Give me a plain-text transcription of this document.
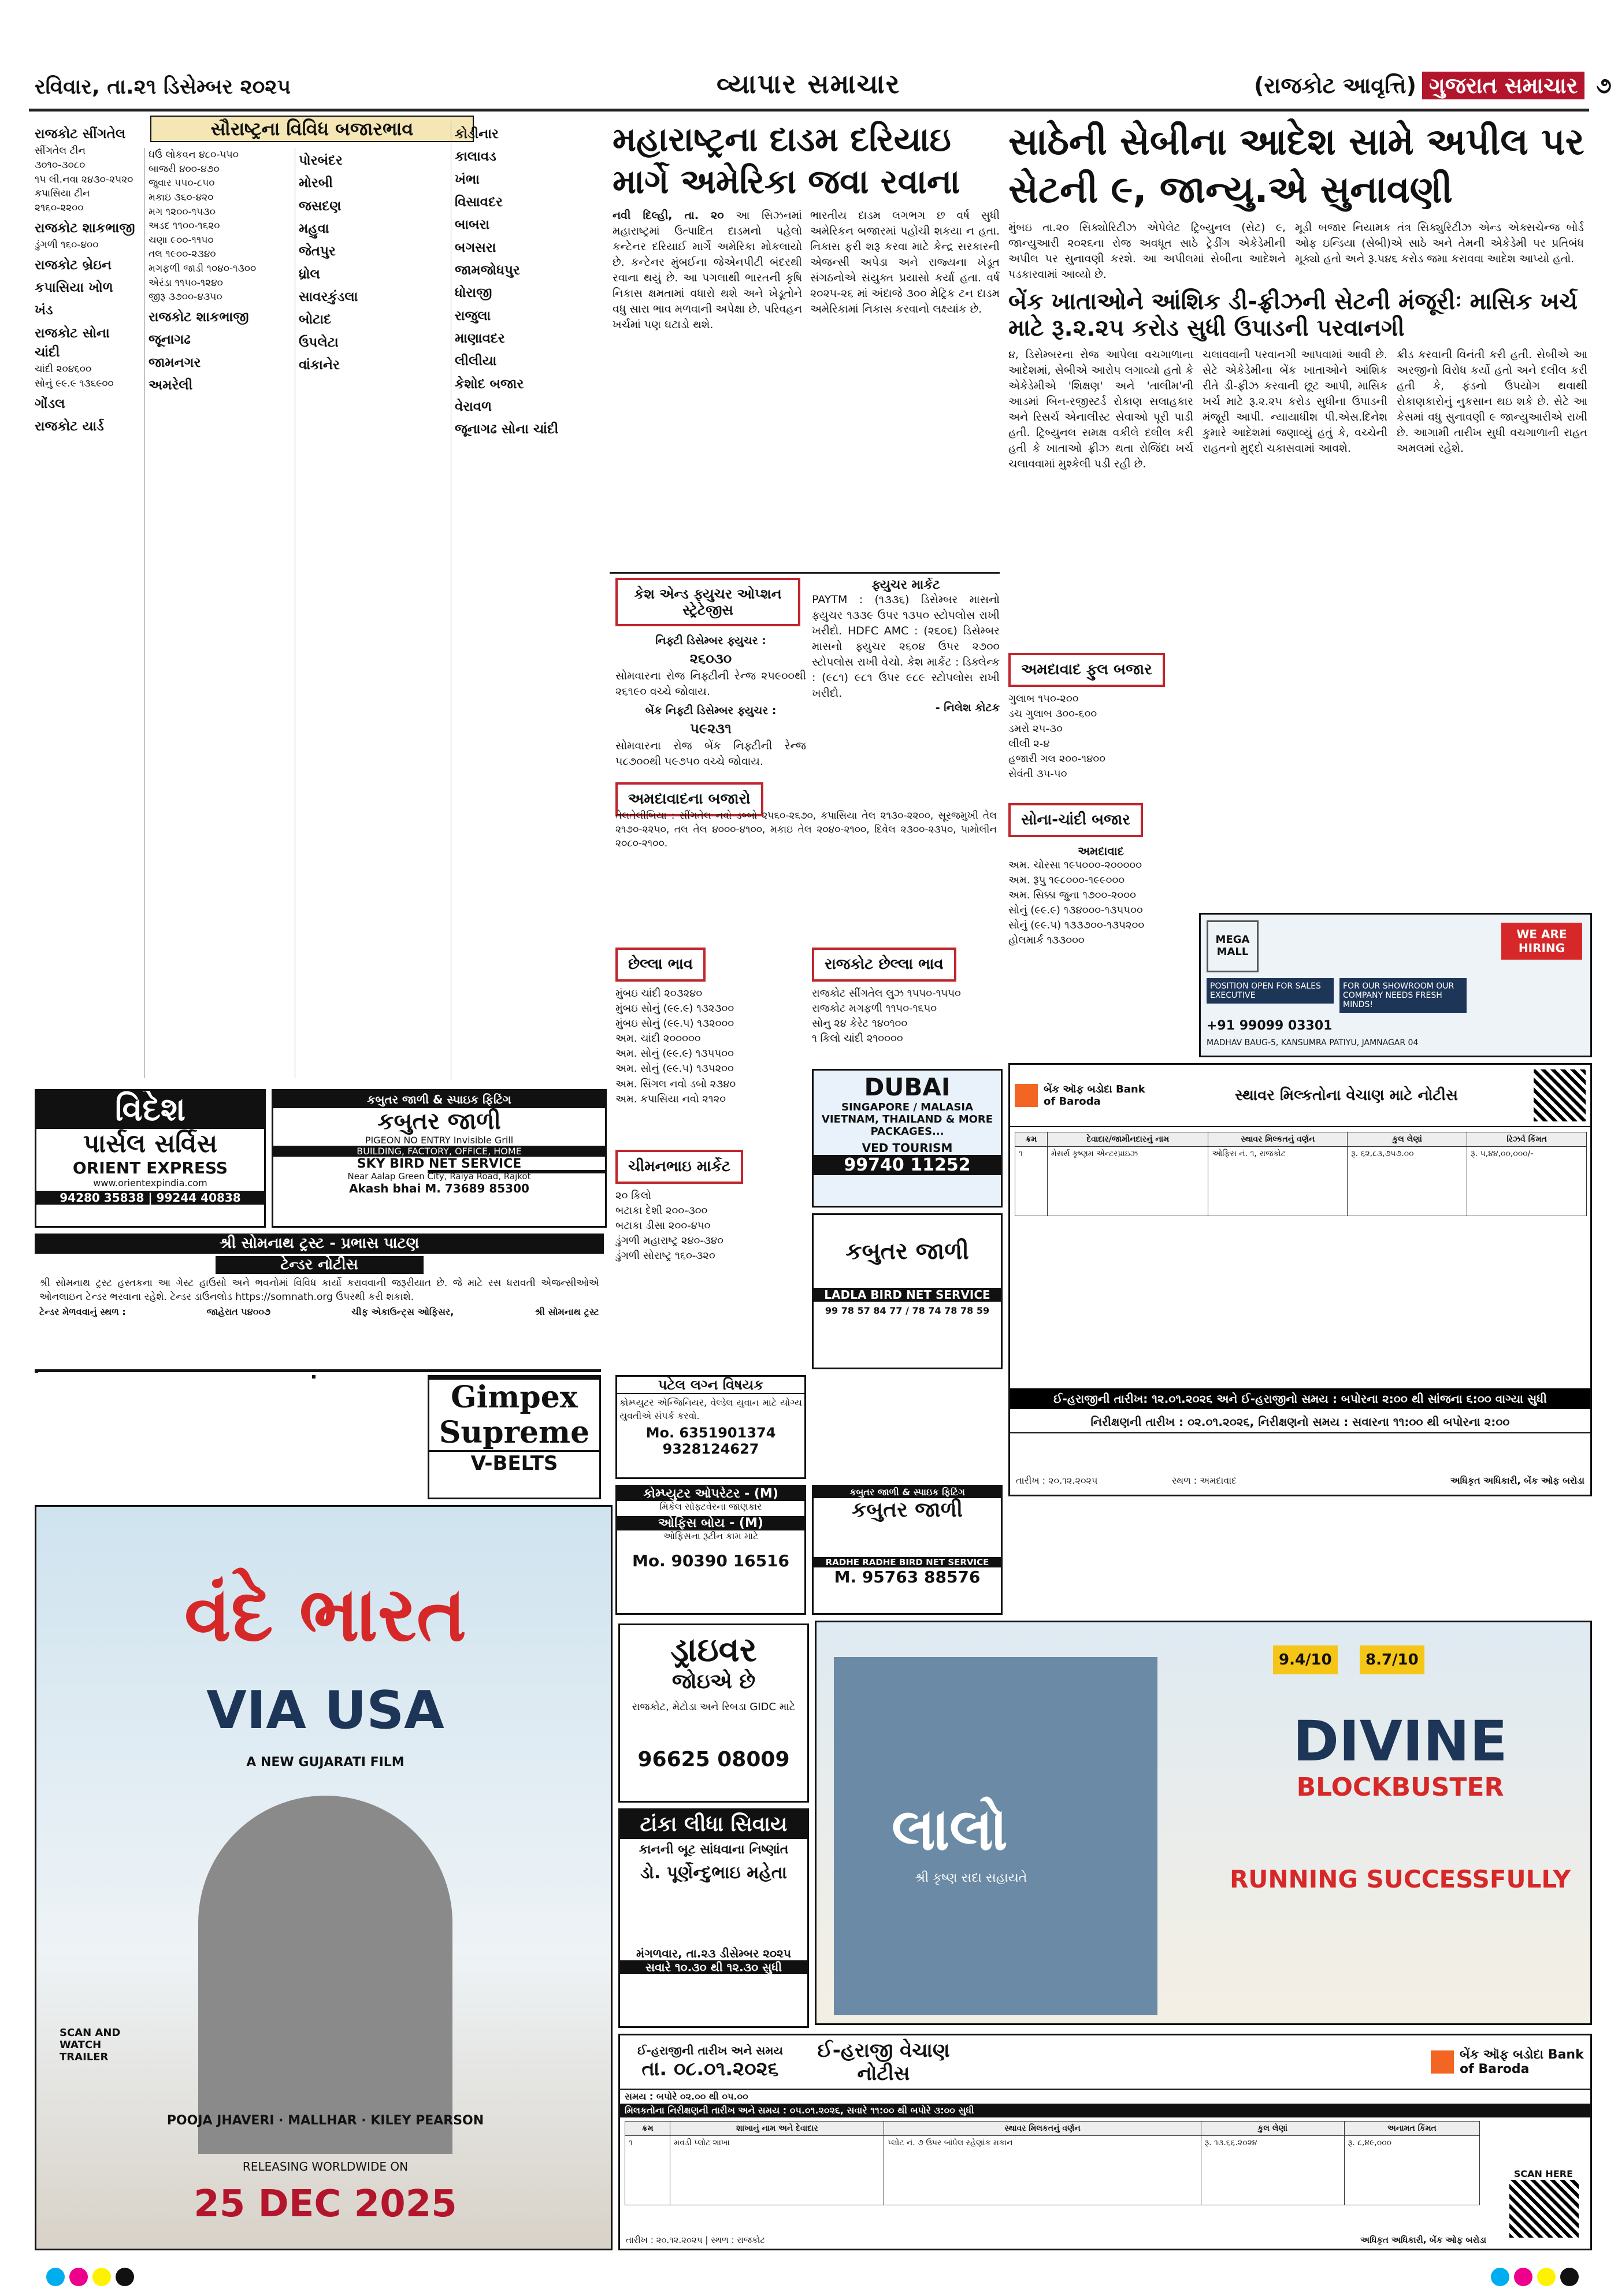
રવિવાર, તા.૨૧ ડિસેમ્બર ૨૦૨૫	વ્યાપાર સમાચાર	(રાજકોટ આવૃત્તિ) ગુજરાત સમાચાર ૭
સૌરાષ્ટ્રના વિવિધ બજારભાવ
રાજકોટ સીંગતેલ
સીંગતેલ ટીન ૩૦૧૦-૩૦૮૦
૧૫ લી.નવા ૨૪૩૦-૨૫૨૦
કપાસિયા ટીન ૨૧૬૦-૨૨૦૦
રાજકોટ શાકભાજી
ડુંગળી ૧૬૦-૪૦૦
રાજકોટ બ્રેઇન
કપાસિયા ખોળ
ખંડ
રાજકોટ સોના ચાંદી
ચાંદી ૨૦૪૬૦૦
સોનું ૯૯.૯ ૧૩૬૯૦૦
ગોંડલ
રાજકોટ યાર્ડ
ઘઉં લોકવન ૪૮૦-૫૫૦
બાજરી ૪૦૦-૪૭૦
જુવાર ૫૫૦-૮૫૦
મકાઇ ૩૬૦-૪૨૦
મગ ૧૨૦૦-૧૫૩૦
અડદ ૧૧૦૦-૧૬૨૦
ચણા ૯૦૦-૧૧૫૦
તલ ૧૯૦૦-૨૩૪૦
મગફળી જાડી ૧૦૪૦-૧૩૦૦
એરંડા ૧૧૫૦-૧૨૪૦
જીરૂ ૩૭૦૦-૪૩૫૦
રાજકોટ શાકભાજી
જૂનાગઢ
જામનગર
અમરેલી
પોરબંદર
મોરબી
જસદણ
મહુવા
જેતપુર
ધ્રોલ
સાવરકુંડલા
બોટાદ
ઉપલેટા
વાંકાનેર
કોડીનાર
કાલાવડ
ખંભા
વિસાવદર
બાબરા
બગસરા
જામજોધપુર
ધોરાજી
રાજુલા
માણાવદર
લીલીયા
કેશોદ બજાર
વેરાવળ
જૂનાગઢ સોના ચાંદી
મહારાષ્ટ્રના દાડમ દરિયાઇ માર્ગે અમેરિકા જવા રવાના
નવી દિલ્હી, તા. ૨૦ આ સિઝનમાં મહારાષ્ટ્રમાં ઉત્પાદિત દાડમનો પહેલો કન્ટેનર દરિયાઈ માર્ગે અમેરિકા મોકલાયો છે. કન્ટેનર મુંબઈના જેએનપીટી બંદરથી રવાના થયું છે. આ પગલાથી ભારતની કૃષિ નિકાસ ક્ષમતામાં વધારો થશે અને ખેડૂતોને વધુ સારા ભાવ મળવાની અપેક્ષા છે. પરિવહન ખર્ચમાં પણ ઘટાડો થશે.
ભારતીય દાડમ લગભગ છ વર્ષ સુધી અમેરિકન બજારમાં પહોંચી શકયા ન હતા. નિકાસ ફરી શરૂ કરવા માટે કેન્દ્ર સરકારની એજન્સી અપેડા અને રાજ્યના ખેડૂત સંગઠનોએ સંયુક્ત પ્રયાસો કર્યા હતા. વર્ષ ૨૦૨૫-૨૬ માં અંદાજે ૩૦૦ મેટ્રિક ટન દાડમ અમેરિકામાં નિકાસ કરવાનો લક્ષ્યાંક છે.
કેશ એન્ડ ફ્યુચર ઓપ્શન સ્ટ્રેટેજીસ
નિફ્ટી ડિસેમ્બર ફ્યુચર :
૨૬૦૩૦
સોમવારના રોજ નિફ્ટીની રેન્જ ૨૫૯૦૦થી ૨૬૧૯૦ વચ્ચે જોવાય.
બેંક નિફ્ટી ડિસેમ્બર ફ્યુચર :
૫૯૨૩૧
સોમવારના રોજ બેંક નિફ્ટીની રેન્જ ૫૮૭૦૦થી ૫૯૭૫૦ વચ્ચે જોવાય.
અમદાવાદના બજારો
ફ્યુચર માર્કેટ
PAYTM : (૧૩૩૬) ડિસેમ્બર માસનો ફ્યુચર ૧૩૩૯ ઉપર ૧૩૫૦ સ્ટોપલોસ રાખી ખરીદો. HDFC AMC : (૨૬૦૬) ડિસેમ્બર માસનો ફ્યુચર ૨૬૦૪ ઉપર ૨૭૦૦ સ્ટોપલોસ રાખી વેચો. કેશ માર્કેટ : ડિક્લેન્ક : (૯૮૧) ૯૮૧ ઉપર ૯૮૯ સ્ટોપલોસ રાખી ખરીદો.
- નિલેશ કોટક
તેલતેલીબિયા : સીંગતેલ નવો ડબ્બો ૨૫૬૦-૨૬૭૦, કપાસિયા તેલ ૨૧૩૦-૨૨૦૦, સૂરજમુખી તેલ ૨૧૭૦-૨૨૫૦, તલ તેલ ૪૦૦૦-૪૧૦૦, મકાઇ તેલ ૨૦૪૦-૨૧૦૦, દિવેલ ૨૩૦૦-૨૩૫૦, પામોલીન ૨૦૮૦-૨૧૦૦.
રાજકોટ છેલ્લા ભાવ
રાજકોટ સીંગતેલ લુઝ ૧૫૫૦-૧૫૫૦
રાજકોટ મગફળી ૧૧૫૦-૧૬૫૦
સોનુ ૨૪ કેરેટ ૧૪૦૧૦૦
૧ કિલો ચાંદી ૨૧૦૦૦૦
છેલ્લા ભાવ
મુંબઇ ચાંદી ૨૦૩૨૪૦
મુંબઇ સોનું (૯૯.૯) ૧૩૨૩૦૦
મુંબઇ સોનું (૯૯.૫) ૧૩૨૦૦૦
અમ. ચાંદી ૨૦૦૦૦૦
અમ. સોનું (૯૯.૯) ૧૩૫૫૦૦
અમ. સોનું (૯૯.૫) ૧૩૫૨૦૦
અમ. સિંગલ નવો ડબો ૨૩૪૦
અમ. કપાસિયા નવો ૨૧૨૦
સાઠેની સેબીના આદેશ સામે અપીલ પર સેટની ૯, જાન્યુ.એ સુનાવણી
મુંબઇ તા.૨૦ સિક્યોરિટીઝ એપેલેટ ટ્રિબ્યુનલ (સેટ) ૯, જાન્યુઆરી ૨૦૨૬ના રોજ અવધૂત સાઠે ટ્રેડીંગ એકેડેમીની અપીલ પર સુનાવણી કરશે. આ અપીલમાં સેબીના આદેશને પડકારવામાં આવ્યો છે.
મૂડી બજાર નિયામક તંત્ર સિક્યુરિટીઝ એન્ડ એક્સચેન્જ બોર્ડ ઓફ ઇન્ડિયા (સેબી)એ સાઠે અને તેમની એકેડેમી પર પ્રતિબંધ મૂક્યો હતો અને રૂ.૫૪૬ કરોડ જમા કરાવવા આદેશ આપ્યો હતો.
બેંક ખાતાઓને આંશિક ડી-ફ્રીઝની સેટની મંજૂરીઃ માસિક ખર્ચ માટે રૂ.૨.૨૫ કરોડ સુધી ઉપાડની પરવાનગી
૪, ડિસેમ્બરના રોજ આપેલા વચગાળાના આદેશમાં, સેબીએ આરોપ લગાવ્યો હતો કે એકેડેમીએ 'શિક્ષણ' અને 'તાલીમ'ની આડમાં બિન-રજીસ્ટર્ડ રોકાણ સલાહકાર અને રિસર્ચ એનાલીસ્ટ સેવાઓ પૂરી પાડી હતી. ટ્રિબ્યુનલ સમક્ષ વકીલે દલીલ કરી હતી કે ખાતાઓ ફ્રીઝ થતા રોજિંદા ખર્ચ ચલાવવામાં મુશ્કેલી પડી રહી છે.
ચલાવવાની પરવાનગી આપવામાં આવી છે. સેટે એકેડેમીના બેંક ખાતાઓને આંશિક રીતે ડી-ફ્રીઝ કરવાની છૂટ આપી, માસિક ખર્ચ માટે રૂ.૨.૨૫ કરોડ સુધીના ઉપાડની મંજૂરી આપી. ન્યાયાધીશ પી.એસ.દિનેશ કુમારે આદેશમાં જણાવ્યું હતું કે, વચ્ચેની રાહતનો મુદ્દો ચકાસવામાં આવશે.
ક્રીડ કરવાની વિનંતી કરી હતી. સેબીએ આ અરજીનો વિરોધ કર્યો હતો અને દલીલ કરી હતી કે, ફંડનો ઉપયોગ થવાથી રોકાણકારોનું નુકસાન થઇ શકે છે. સેટે આ કેસમાં વધુ સુનાવણી ૯ જાન્યુઆરીએ રાખી છે. આગામી તારીખ સુધી વચગાળાની રાહત અમલમાં રહેશે.
અમદાવાદ ફુલ બજાર
ગુલાબ ૧૫૦-૨૦૦
ડચ ગુલાબ ૩૦૦-૬૦૦
ડમરો ૨૫-૩૦
લીલી ૨-૪
હજારી ગલ ૨૦૦-૧૪૦૦
સેવંતી ૩૫-૫૦
સોના-ચાંદી બજાર
અમદાવાદ
અમ. ચોરસા ૧૯૫૦૦૦-૨૦૦૦૦૦
અમ. રૂપુ ૧૯૮૦૦૦-૧૯૯૦૦૦
અમ. સિક્કા જુના ૧૭૦૦-૨૦૦૦
સોનું (૯૯.૯) ૧૩૪૦૦૦-૧૩૫૫૦૦
સોનું (૯૯.૫) ૧૩૩૭૦૦-૧૩૫૨૦૦
હોલમાર્ક ૧૩૩૦૦૦	MEGA MALL
WE ARE HIRING
POSITION OPEN FOR SALES EXECUTIVE
FOR OUR SHOWROOM OUR COMPANY NEEDS FRESH MINDS!
+91 99099 03301
MADHAV BAUG-5, KANSUMRA PATIYU, JAMNAGAR 04
બેંક ઑફ બડોદા Bank of Baroda	સ્થાવર મિલ્કતોના વેચાણ માટે નોટીસ
ક્રમ	દેવાદાર/જામીનદારનું નામ	સ્થાવર મિલ્કતનું વર્ણન	કુલ લેણાં	રિઝર્વ કિંમત
૧	મેસર્સ કૃષ્ણમ એન્ટરપ્રાઇઝ	ઓફિસ નં. ૧, રાજકોટ	રૂ. ૬૨,૮૩,૭૫૭.૦૦	રૂ. ૫,૪૪,૦૦,૦૦૦/-
ઈ-હરાજીની તારીખ: ૧૨.૦૧.૨૦૨૬ અને ઈ-હરાજીનો સમય : બપોરના ૨:૦૦ થી સાંજના ૬:૦૦ વાગ્યા સુધી
નિરીક્ષણની તારીખ : ૦૨.૦૧.૨૦૨૬, નિરીક્ષણનો સમય : સવારના ૧૧:૦૦ થી બપોરના ૨:૦૦
તારીખ : ૨૦.૧૨.૨૦૨૫	સ્થળ : અમદાવાદ	અધિકૃત અધિકારી, બેંક ઓફ બરોડા
વિદેશ
પાર્સલ સર્વિસ
ORIENT EXPRESS
www.orientexpindia.com
94280 35838 | 99244 40838
કબુતર જાળી & સ્પાઇક ફિટિંગ
કબુતર જાળી
PIGEON NO ENTRY Invisible Grill
BUILDING, FACTORY, OFFICE, HOME
SKY BIRD NET SERVICE
Near Aalap Green City, Raiya Road, Rajkot
Akash bhai M. 73689 85300
શ્રી સોમનાથ ટ્રસ્ટ - પ્રભાસ પાટણ
ટેન્ડર નોટીસ
શ્રી સોમનાથ ટ્રસ્ટ હસ્તકના આ ગેસ્ટ હાઉસો અને ભવનોમાં વિવિધ કાર્યો કરાવવાની જરૂરીયાત છે. જે માટે રસ ધરાવતી એજન્સીઓએ ઓનલાઇન ટેન્ડર ભરવાના રહેશે. ટેન્ડર ડાઉનલોડ https://somnath.org ઉપરથી કરી શકાશે.
ટેન્ડર મેળવવાનું સ્થળ :	જાહેરાત ૫૪૦૦૭	ચીફ એકાઉન્ટ્સ ઓફિસર,	શ્રી સોમનાથ ટ્રસ્ટ
Gimpex
Supreme
V-BELTS
ચીમનભાઇ માર્કેટ
૨૦ કિલો
બટાકા દેશી ૨૦૦-૩૦૦
બટાકા ડીસા ૨૦૦-૪૫૦
ડુંગળી મહારાષ્ટ્ર ૨૪૦-૩૪૦
ડુંગળી સોરાષ્ટ્ર ૧૬૦-૩૨૦
DUBAI
SINGAPORE / MALASIA VIETNAM, THAILAND & MORE PACKAGES...
VED TOURISM
99740 11252
પટેલ લગ્ન વિષયક
કોમ્પ્યુટર એન્જિનિયર, વેલ્ડેલ યુવાન માટે યોગ્ય યુવતીએ સંપર્ક કરવો.
Mo. 6351901374
9328124627
કબુતર જાળી
LADLA BIRD NET SERVICE
99 78 57 84 77 / 78 74 78 78 59
કોમ્પ્યુટર ઓપરેટર - (M)
મિકેલ સોફ્ટવેરના જાણકાર
ઓફિસ બોય - (M)
ઓફિસના રૂટીન કામ માટે
Mo. 90390 16516
કબુતર જાળી & સ્પાઇક ફિટિંગ
કબુતર જાળી
RADHE RADHE BIRD NET SERVICE
M. 95763 88576
વંદે ભારત
VIA USA
A NEW GUJARATI FILM
SCAN AND WATCH TRAILER
POOJA JHAVERI · MALLHAR · KILEY PEARSON
RELEASING WORLDWIDE ON
25 DEC 2025
ડ્રાઇવર
જોઇએ છે
રાજકોટ, મેટોડા અને રિબડા GIDC માટે
96625 08009
ટાંકા લીધા સિવાય
કાનની બૂટ સાંધવાના નિષ્ણાંત
ડો. પૂર્ણેન્દુભાઇ મહેતા
મંગળવાર, તા.૨૩ ડીસેમ્બર ૨૦૨૫
સવારે ૧૦.૩૦ થી ૧૨.૩૦ સુધી
લાલો
શ્રી કૃષ્ણ સદા સહાયતે
9.4/10	8.7/10
DIVINE
BLOCKBUSTER
RUNNING SUCCESSFULLY
ઈ-હરાજીની તારીખ અને સમય
તા. ૦૮.૦૧.૨૦૨૬
ઈ-હરાજી વેચાણ નોટીસ
બેંક ઑફ બડોદા Bank of Baroda
સમય : બપોરે ૦૨.૦૦ થી ૦૫.૦૦
મિલકતોના નિરીક્ષણની તારીખ અને સમય : ૦૫.૦૧.૨૦૨૬, સવારે ૧૧:૦૦ થી બપોરે ૩:૦૦ સુધી
ક્રમ	શાખાનું નામ અને દેવાદાર	સ્થાવર મિલકતનું વર્ણન	કુલ લેણાં	અનામત કિંમત
૧	મવડી પ્લોટ શાખા	પ્લોટ નં. ૭ ઉપર બાંધેલ રહેણાંક મકાન	રૂ. ૧૩.૬૬.૨૦૨૪	રૂ. ૮,૪૯,૦૦૦
SCAN HERE
તારીખ : ૨૦.૧૨.૨૦૨૫ | સ્થળ : રાજકોટ	અધિકૃત અધિકારી, બેંક ઓફ બરોડા
